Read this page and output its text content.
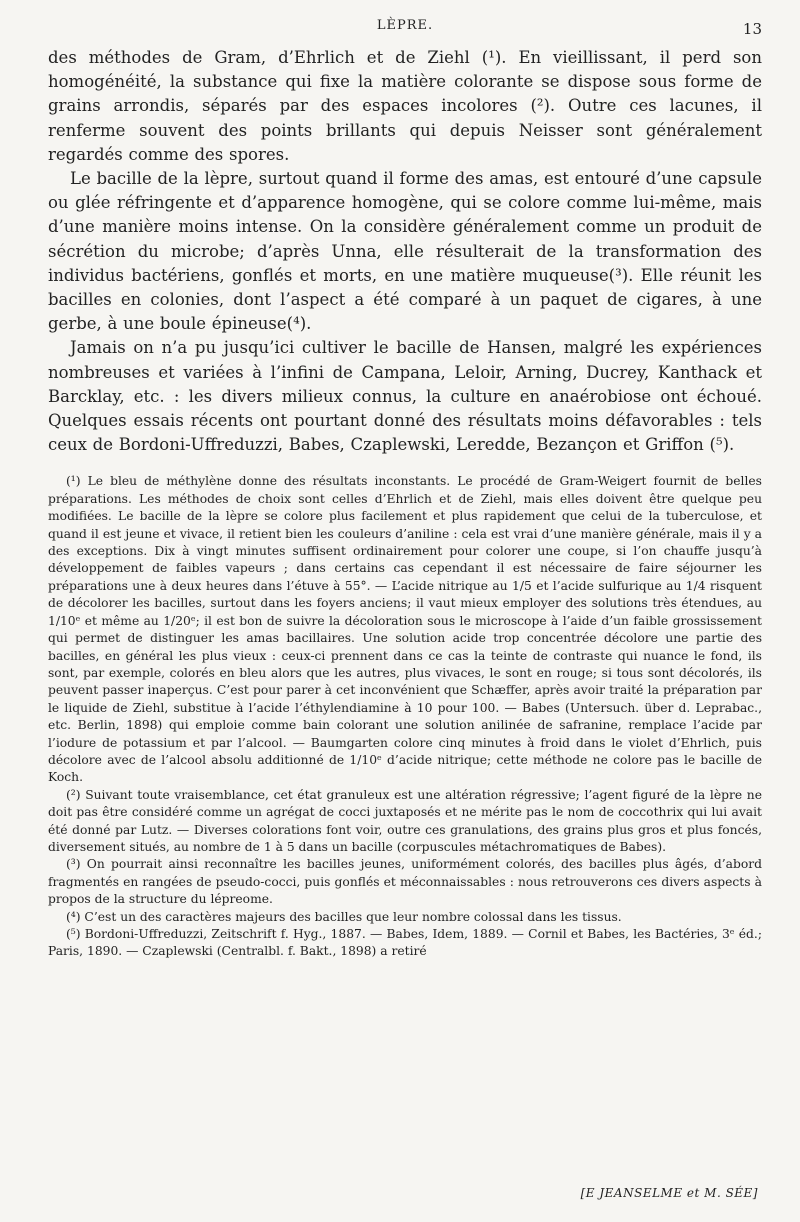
LÈPRE.	13

des méthodes de Gram, d’Ehrlich et de Ziehl (¹). En vieillissant, il perd son homogénéité, la substance qui fixe la matière colorante se dispose sous forme de grains arrondis, séparés par des espaces incolores (²). Outre ces lacunes, il renferme souvent des points brillants qui depuis Neisser sont généralement regardés comme des spores.

Le bacille de la lèpre, surtout quand il forme des amas, est entouré d’une capsule ou glée réfringente et d’apparence homogène, qui se colore comme lui-même, mais d’une manière moins intense. On la considère généralement comme un produit de sécrétion du microbe; d’après Unna, elle résulterait de la transformation des individus bactériens, gonflés et morts, en une matière muqueuse(³). Elle réunit les bacilles en colonies, dont l’aspect a été comparé à un paquet de cigares, à une gerbe, à une boule épineuse(⁴).

Jamais on n’a pu jusqu’ici cultiver le bacille de Hansen, malgré les expériences nombreuses et variées à l’infini de Campana, Leloir, Arning, Ducrey, Kanthack et Barcklay, etc. : les divers milieux connus, la culture en anaérobiose ont échoué. Quelques essais récents ont pourtant donné des résultats moins défavorables : tels ceux de Bordoni-Uffreduzzi, Babes, Czaplewski, Leredde, Bezançon et Griffon (⁵).

(¹) Le bleu de méthylène donne des résultats inconstants. Le procédé de Gram-Weigert fournit de belles préparations. Les méthodes de choix sont celles d’Ehrlich et de Ziehl, mais elles doivent être quelque peu modifiées. Le bacille de la lèpre se colore plus facilement et plus rapidement que celui de la tuberculose, et quand il est jeune et vivace, il retient bien les couleurs d’aniline : cela est vrai d’une manière générale, mais il y a des exceptions. Dix à vingt minutes suffisent ordinairement pour colorer une coupe, si l’on chauffe jusqu’à développement de faibles vapeurs ; dans certains cas cependant il est nécessaire de faire séjourner les préparations une à deux heures dans l’étuve à 55°. — L’acide nitrique au 1/5 et l’acide sulfurique au 1/4 risquent de décolorer les bacilles, surtout dans les foyers anciens; il vaut mieux employer des solutions très étendues, au 1/10ᵉ et même au 1/20ᵉ; il est bon de suivre la décoloration sous le microscope à l’aide d’un faible grossissement qui permet de distinguer les amas bacillaires. Une solution acide trop concentrée décolore une partie des bacilles, en général les plus vieux : ceux-ci prennent dans ce cas la teinte de contraste qui nuance le fond, ils sont, par exemple, colorés en bleu alors que les autres, plus vivaces, le sont en rouge; si tous sont décolorés, ils peuvent passer inaperçus. C’est pour parer à cet inconvénient que Schæffer, après avoir traité la préparation par le liquide de Ziehl, substitue à l’acide l’éthylendiamine à 10 pour 100. — Babes (Untersuch. über d. Leprabac., etc. Berlin, 1898) qui emploie comme bain colorant une solution anilinée de safranine, remplace l’acide par l’iodure de potassium et par l’alcool. — Baumgarten colore cinq minutes à froid dans le violet d’Ehrlich, puis décolore avec de l’alcool absolu additionné de 1/10ᵉ d’acide nitrique; cette méthode ne colore pas le bacille de Koch.

(²) Suivant toute vraisemblance, cet état granuleux est une altération régressive; l’agent figuré de la lèpre ne doit pas être considéré comme un agrégat de cocci juxtaposés et ne mérite pas le nom de coccothrix qui lui avait été donné par Lutz. — Diverses colorations font voir, outre ces granulations, des grains plus gros et plus foncés, diversement situés, au nombre de 1 à 5 dans un bacille (corpuscules métachromatiques de Babes).

(³) On pourrait ainsi reconnaître les bacilles jeunes, uniformément colorés, des bacilles plus âgés, d’abord fragmentés en rangées de pseudo-cocci, puis gonflés et méconnaissables : nous retrouverons ces divers aspects à propos de la structure du lépreome.

(⁴) C’est un des caractères majeurs des bacilles que leur nombre colossal dans les tissus.

(⁵) Bordoni-Uffreduzzi, Zeitschrift f. Hyg., 1887. — Babes, Idem, 1889. — Cornil et Babes, les Bactéries, 3ᵉ éd.; Paris, 1890. — Czaplewski (Centralbl. f. Bakt., 1898) a retiré

[E JEANSELME et M. SÉE]
